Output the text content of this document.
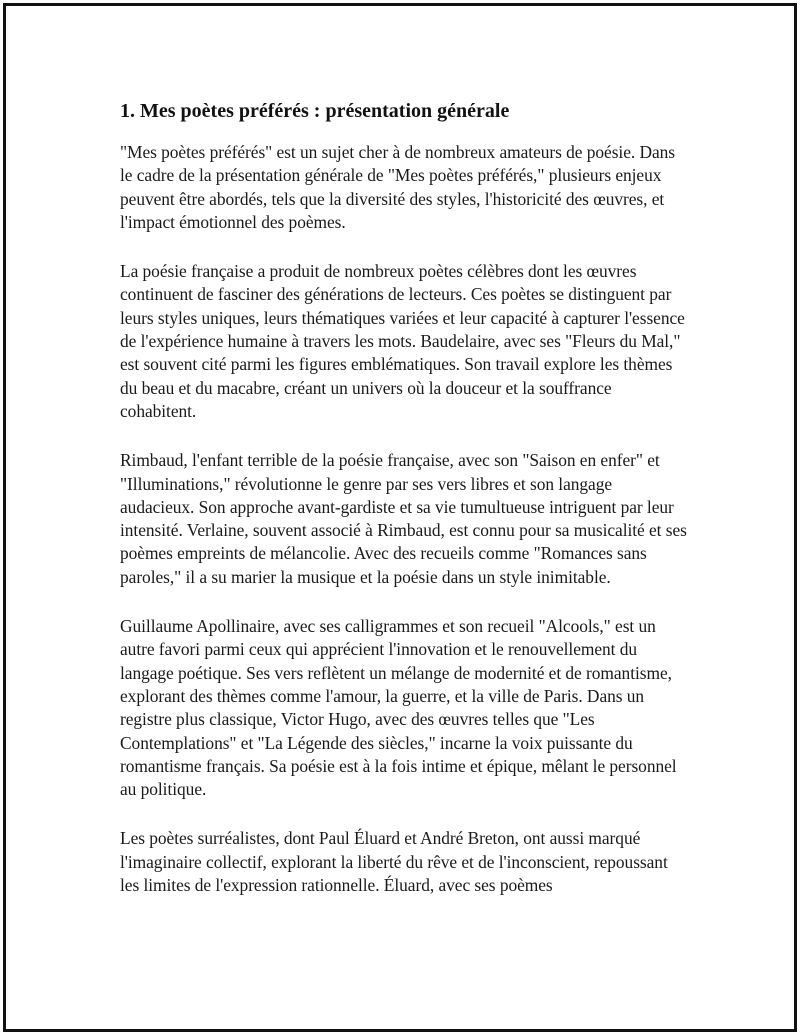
1. Mes poètes préférés : présentation générale

"Mes poètes préférés" est un sujet cher à de nombreux amateurs de poésie. Dans le cadre de la présentation générale de "Mes poètes préférés," plusieurs enjeux peuvent être abordés, tels que la diversité des styles, l'historicité des œuvres, et l'impact émotionnel des poèmes.

La poésie française a produit de nombreux poètes célèbres dont les œuvres continuent de fasciner des générations de lecteurs. Ces poètes se distinguent par leurs styles uniques, leurs thématiques variées et leur capacité à capturer l'essence de l'expérience humaine à travers les mots. Baudelaire, avec ses "Fleurs du Mal," est souvent cité parmi les figures emblématiques. Son travail explore les thèmes du beau et du macabre, créant un univers où la douceur et la souffrance cohabitent.

Rimbaud, l'enfant terrible de la poésie française, avec son "Saison en enfer" et "Illuminations," révolutionne le genre par ses vers libres et son langage audacieux. Son approche avant-gardiste et sa vie tumultueuse intriguent par leur intensité. Verlaine, souvent associé à Rimbaud, est connu pour sa musicalité et ses poèmes empreints de mélancolie. Avec des recueils comme "Romances sans paroles," il a su marier la musique et la poésie dans un style inimitable.

Guillaume Apollinaire, avec ses calligrammes et son recueil "Alcools," est un autre favori parmi ceux qui apprécient l'innovation et le renouvellement du langage poétique. Ses vers reflètent un mélange de modernité et de romantisme, explorant des thèmes comme l'amour, la guerre, et la ville de Paris. Dans un registre plus classique, Victor Hugo, avec des œuvres telles que "Les Contemplations" et "La Légende des siècles," incarne la voix puissante du romantisme français. Sa poésie est à la fois intime et épique, mêlant le personnel au politique.

Les poètes surréalistes, dont Paul Éluard et André Breton, ont aussi marqué l'imaginaire collectif, explorant la liberté du rêve et de l'inconscient, repoussant les limites de l'expression rationnelle. Éluard, avec ses poèmes
